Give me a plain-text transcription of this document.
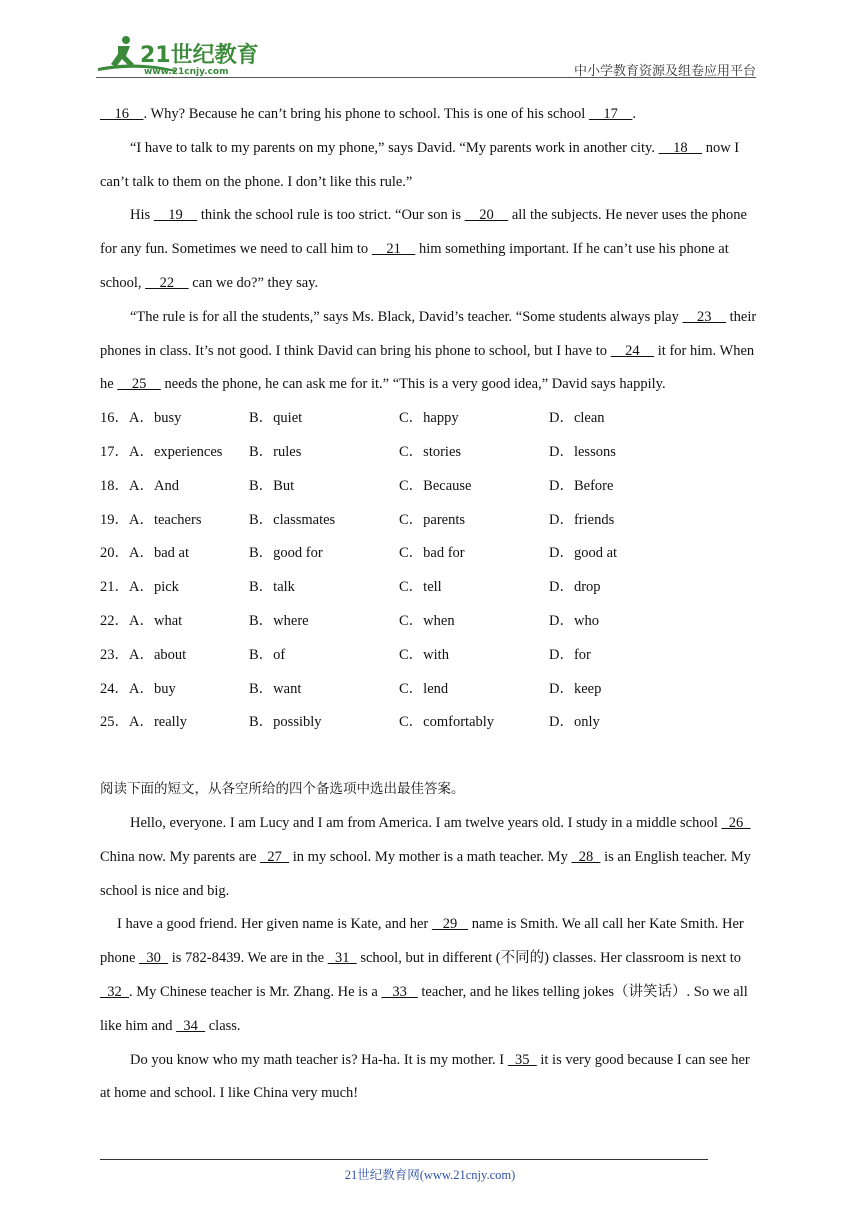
21世纪教育
www.21cnjy.com	中小学教育资源及组卷应用平台

16    . Why? Because he can’t bring his phone to school. This is one of his school     17    .

“I have to talk to my parents on my phone,” says David. “My parents work in another city.     18     now I can’t talk to them on the phone. I don’t like this rule.”

His     19     think the school rule is too strict. “Our son is     20     all the subjects. He never uses the phone for any fun. Sometimes we need to call him to     21     him something important. If he can’t use his phone at school,     22     can we do?” they say.

“The rule is for all the students,” says Ms. Black, David’s teacher. “Some students always play     23     their phones in class. It’s not good. I think David can bring his phone to school, but I have to     24     it for him. When he     25     needs the phone, he can ask me for it.” “This is a very good idea,” David says happily.

16．A．busy	B．quiet	C．happy	D．clean
17．A．experiences B．rules	C．stories	D．lessons
18．A．And	B．But	C．Because	D．Before
19．A．teachers	B．classmates	C．parents	D．friends
20．A．bad at	B．good for	C．bad for	D．good at
21．A．pick	B．talk	C．tell	D．drop
22．A．what	B．where	C．when	D．who
23．A．about	B．of	C．with	D．for
24．A．buy	B．want	C．lend	D．keep
25．A．really	B．possibly	C．comfortably	D．only
阅读下面的短文，从各空所给的四个备选项中选出最佳答案。

Hello, everyone. I am Lucy and I am from America. I am twelve years old. I study in a middle school   26   China now. My parents are   27   in my school. My mother is a math teacher. My   28   is an English teacher. My school is nice and big.

I have a good friend. Her given name is Kate, and her    29    name is Smith. We all call her Kate Smith. Her phone   30   is 782-8439. We are in the   31   school, but in different (不同的) classes. Her classroom is next to   32  . My Chinese teacher is Mr. Zhang. He is a    33    teacher, and he likes telling jokes（讲笑话）. So we all like him and   34   class.

Do you know who my math teacher is? Ha-ha. It is my mother. I   35   it is very good because I can see her at home and school. I like China very much!

21世纪教育网(www.21cnjy.com)
